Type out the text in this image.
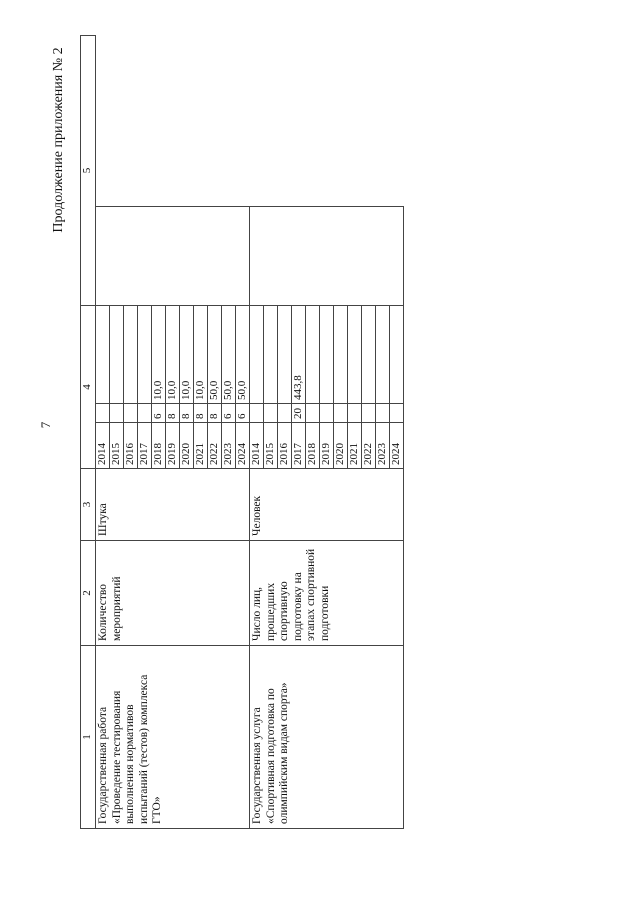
7
Продолжение приложения № 2
1	2	3	4			5
Государственная работа «Проведение тестирования выполнения нормативов испытаний (тестов) комплекса ГТО»	Количество мероприятий	Штука	2014			
			2015			
			2016			
			2017			
			2018	6	10,0	
			2019	8	10,0	
			2020	8	10,0	
			2021	8	10,0	
			2022	8	50,0	
			2023	6	50,0	
			2024	6	50,0	
Государственная услуга «Спортивная подготовка по олимпийским видам спорта»	Число лиц, прошедших спортивную подготовку на этапах спортивной подготовки	Человек	2014			
			2015			
			2016			
			2017	20	443,8	
			2018			
			2019			
			2020			
			2021			
			2022			
			2023			
			2024			
